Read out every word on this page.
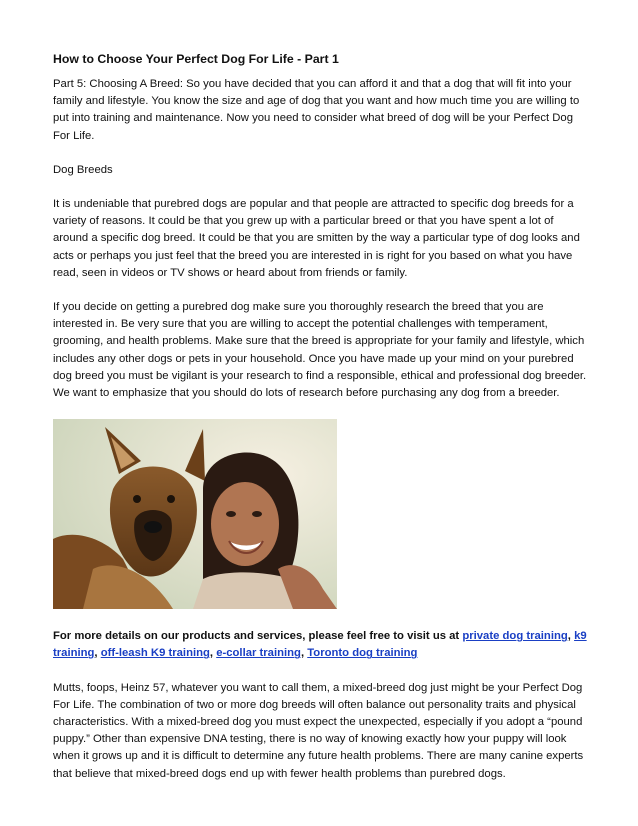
How to Choose Your Perfect Dog For Life - Part 1

Part 5: Choosing A Breed: So you have decided that you can afford it and that a dog that will fit into your family and lifestyle. You know the size and age of dog that you want and how much time you are willing to put into training and maintenance. Now you need to consider what breed of dog will be your Perfect Dog For Life.

Dog Breeds

It is undeniable that purebred dogs are popular and that people are attracted to specific dog breeds for a variety of reasons. It could be that you grew up with a particular breed or that you have spent a lot of around a specific dog breed. It could be that you are smitten by the way a particular type of dog looks and acts or perhaps you just feel that the breed you are interested in is right for you based on what you have read, seen in videos or TV shows or heard about from friends or family.

If you decide on getting a purebred dog make sure you thoroughly research the breed that you are interested in. Be very sure that you are willing to accept the potential challenges with temperament, grooming, and health problems. Make sure that the breed is appropriate for your family and lifestyle, which includes any other dogs or pets in your household. Once you have made up your mind on your purebred dog breed you must be vigilant is your research to find a responsible, ethical and professional dog breeder. We want to emphasize that you should do lots of research before purchasing any dog from a breeder.

For more details on our products and services, please feel free to visit us at private dog training, k9 training, off-leash K9 training, e-collar training, Toronto dog training

Mutts, foops, Heinz 57, whatever you want to call them, a mixed-breed dog just might be your Perfect Dog For Life. The combination of two or more dog breeds will often balance out personality traits and physical characteristics. With a mixed-breed dog you must expect the unexpected, especially if you adopt a “pound puppy.” Other than expensive DNA testing, there is no way of knowing exactly how your puppy will look when it grows up and it is difficult to determine any future health problems. There are many canine experts that believe that mixed-breed dogs end up with fewer health problems than purebred dogs.
